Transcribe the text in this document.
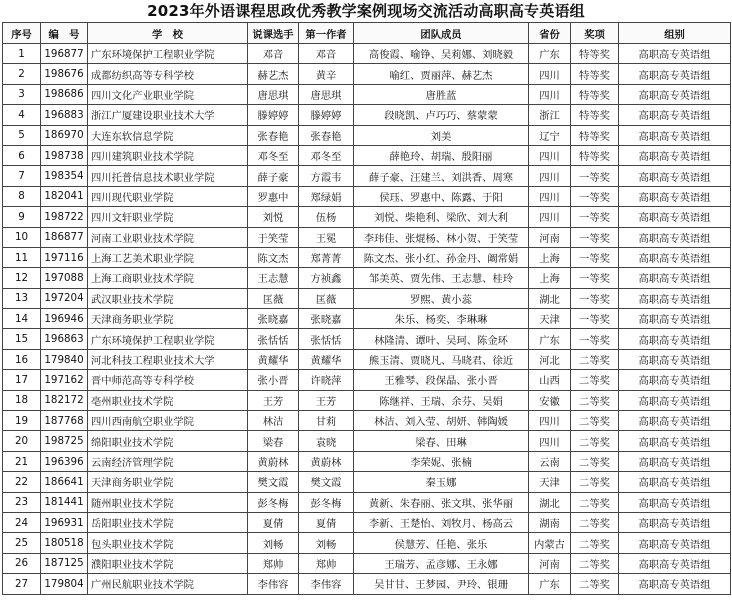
2023年外语课程思政优秀教学案例现场交流活动高职高专英语组
序号	编　号	学　校	说课选手	第一作者	团队成员	省份	奖项	组别
1	196877	广东环境保护工程职业学院	邓音	邓音	高俊霞、喻铮、吴莉娜、刘晓毅	广东	特等奖	高职高专英语组
2	198676	成都纺织高等专科学校	赫艺杰	黄辛	喻红、贾丽萍、赫艺杰	四川	特等奖	高职高专英语组
3	198686	四川文化产业职业学院	唐思琪	唐思琪	唐胜蓝	四川	特等奖	高职高专英语组
4	196883	浙江广厦建设职业技术大学	滕婷婷	滕婷婷	段晓凯、卢巧巧、蔡蒙蒙	浙江	特等奖	高职高专英语组
5	186970	大连东软信息学院	张春艳	张春艳	刘美	辽宁	特等奖	高职高专英语组
6	198738	四川建筑职业技术学院	邓冬至	邓冬至	薛艳玲、胡瑞、殷阳丽	四川	特等奖	高职高专英语组
7	198354	四川托普信息技术职业学院	薛子豪	方霞韦	薛子豪、汪建兰、刘洪香、周寒	四川	一等奖	高职高专英语组
8	182041	四川现代职业学院	罗惠中	郑绿娟	侯珏、罗惠中、陈露、于阳	四川	一等奖	高职高专英语组
9	198722	四川文轩职业学院	刘悦	伍杨	刘悦、柴艳利、梁欣、刘大利	四川	一等奖	高职高专英语组
10	186877	河南工业职业技术学院	于笑莹	王冕	李玮佳、张焜杨、林小贺、于笑莹	河南	一等奖	高职高专英语组
11	197116	上海工艺美术职业学院	陈文杰	郑菁菁	陈文杰、张小红、孙金丹、阚常娟	上海	一等奖	高职高专英语组
12	197088	上海工商职业技术学院	王志慧	方祯鑫	邹美英、贾先伟、王志慧、桂玲	上海	一等奖	高职高专英语组
13	197204	武汉职业技术学院	匡薇	匡薇	罗熙、黄小蕊	湖北	一等奖	高职高专英语组
14	196946	天津商务职业学院	张晓嘉	张晓嘉	朱乐、杨奕、李琳琳	天津	一等奖	高职高专英语组
15	196863	广东环境保护工程职业学院	张恬恬	张恬恬	林隆清、谭叶、吴珂、陈金环	广东	一等奖	高职高专英语组
16	179840	河北科技工程职业技术大学	黄耀华	黄耀华	熊玉清、贾晓凡、马晓君、徐近	河北	二等奖	高职高专英语组
17	197162	晋中师范高等专科学校	张小晋	许晓萍	王雅琴、段保晶、张小晋	山西	二等奖	高职高专英语组
18	182172	亳州职业技术学院	王芳	王芳	陈继祥、王瑞、余芬、吴娟	安徽	二等奖	高职高专英语组
19	187768	四川西南航空职业学院	林洁	甘莉	林洁、刘入莹、胡妍、韩陶媛	四川	二等奖	高职高专英语组
20	198725	绵阳职业技术学院	梁春	袁晓	梁春、田琳	四川	二等奖	高职高专英语组
21	196396	云南经济管理学院	黄蔚林	黄蔚林	李荣妮、张楠	云南	二等奖	高职高专英语组
22	186641	天津商务职业学院	樊文霞	樊文霞	秦玉娜	天津	二等奖	高职高专英语组
23	181441	随州职业技术学院	彭冬梅	彭冬梅	黄新、朱春丽、张文琪、张华丽	湖北	二等奖	高职高专英语组
24	196931	岳阳职业技术学院	夏倩	夏倩	李新、王楚怡、刘牧月、杨高云	湖南	二等奖	高职高专英语组
25	180518	包头职业技术学院	刘畅	刘畅	侯慧芳、任艳、张乐	内蒙古	二等奖	高职高专英语组
26	187125	濮阳职业技术学院	郑帅	郑帅	王瑞芳、孟彦娜、王永娜	河南	二等奖	高职高专英语组
27	179804	广州民航职业技术学院	李伟容	李伟容	吴甘甘、王梦园、尹玲、银珊	广东	二等奖	高职高专英语组
